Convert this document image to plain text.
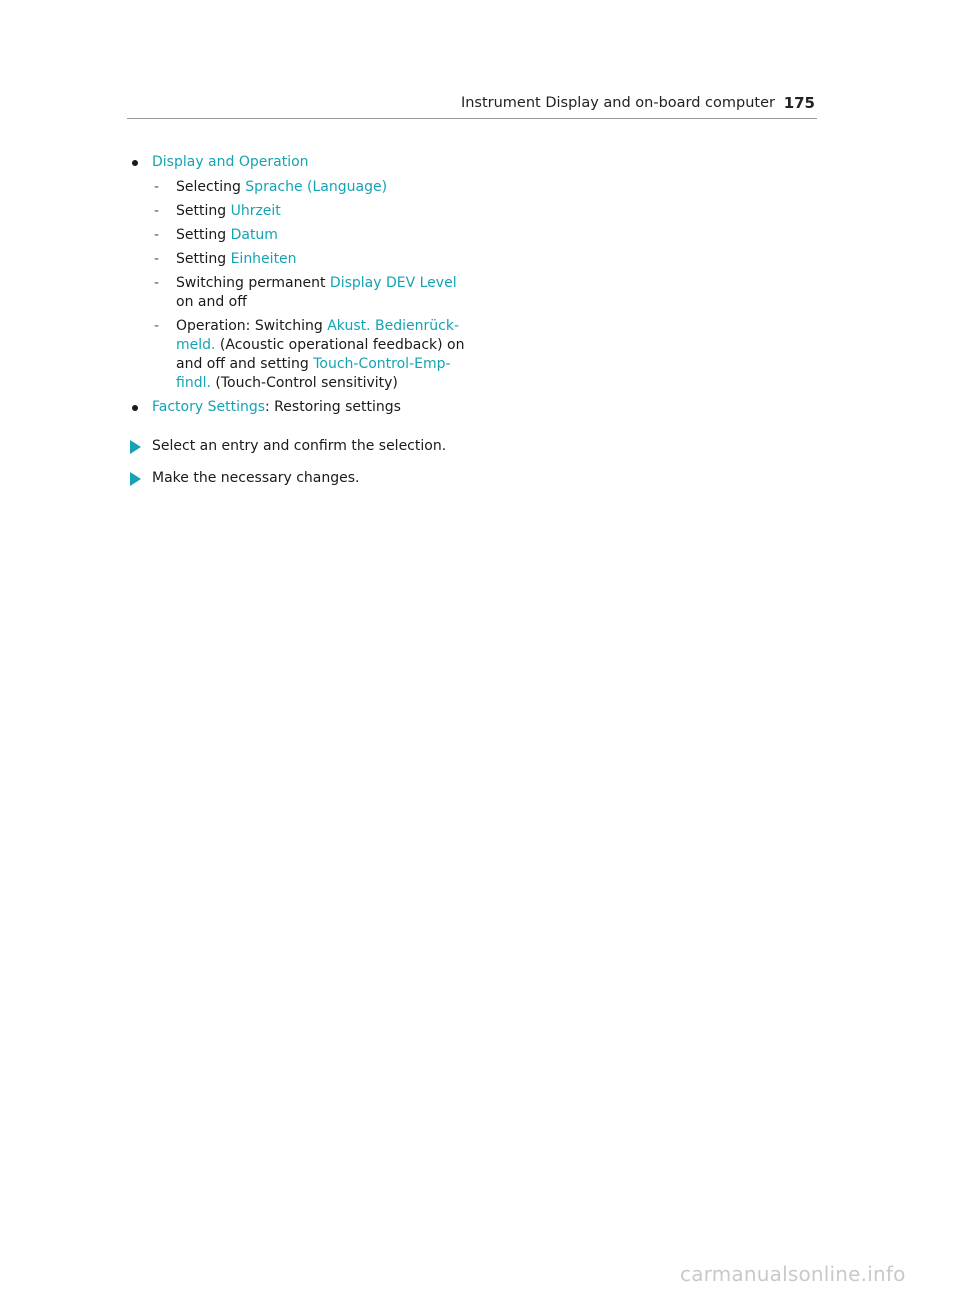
Instrument Display and on-board computer 175
Display and Operation
- Selecting Sprache (Language)
- Setting Uhrzeit
- Setting Datum
- Setting Einheiten
- Switching permanent Display DEV Level
on and off
- Operation: Switching Akust. Bedienrück-
meld. (Acoustic operational feedback) on
and off and setting Touch-Control-Emp-
findl. (Touch-Control sensitivity)
Factory Settings: Restoring settings
Select an entry and confirm the selection.
Make the necessary changes.
carmanualsonline.info
